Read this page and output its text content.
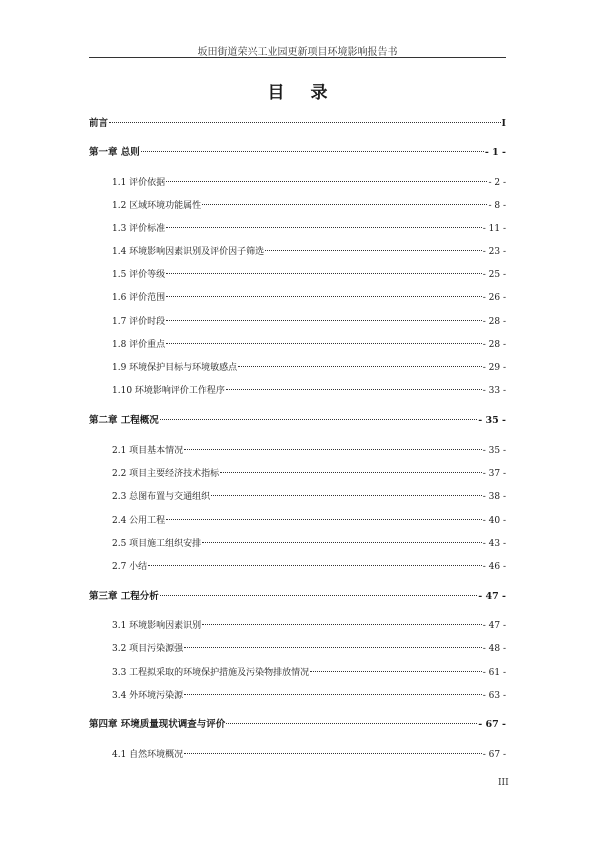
坂田街道荣兴工业园更新项目环境影响报告书
目 录
前言	I
第一章 总则	- 1 -
1.1 评价依据	- 2 -
1.2 区域环境功能属性	- 8 -
1.3 评价标准	- 11 -
1.4 环境影响因素识别及评价因子筛选	- 23 -
1.5 评价等级	- 25 -
1.6 评价范围	- 26 -
1.7 评价时段	- 28 -
1.8 评价重点	- 28 -
1.9 环境保护目标与环境敏感点	- 29 -
1.10 环境影响评价工作程序	- 33 -
第二章 工程概况	- 35 -
2.1 项目基本情况	- 35 -
2.2 项目主要经济技术指标	- 37 -
2.3 总图布置与交通组织	- 38 -
2.4 公用工程	- 40 -
2.5 项目施工组织安排	- 43 -
2.7 小结	- 46 -
第三章 工程分析	- 47 -
3.1 环境影响因素识别	- 47 -
3.2 项目污染源强	- 48 -
3.3 工程拟采取的环境保护措施及污染物排放情况	- 61 -
3.4 外环境污染源	- 63 -
第四章 环境质量现状调查与评价	- 67 -
4.1 自然环境概况	- 67 -
III
